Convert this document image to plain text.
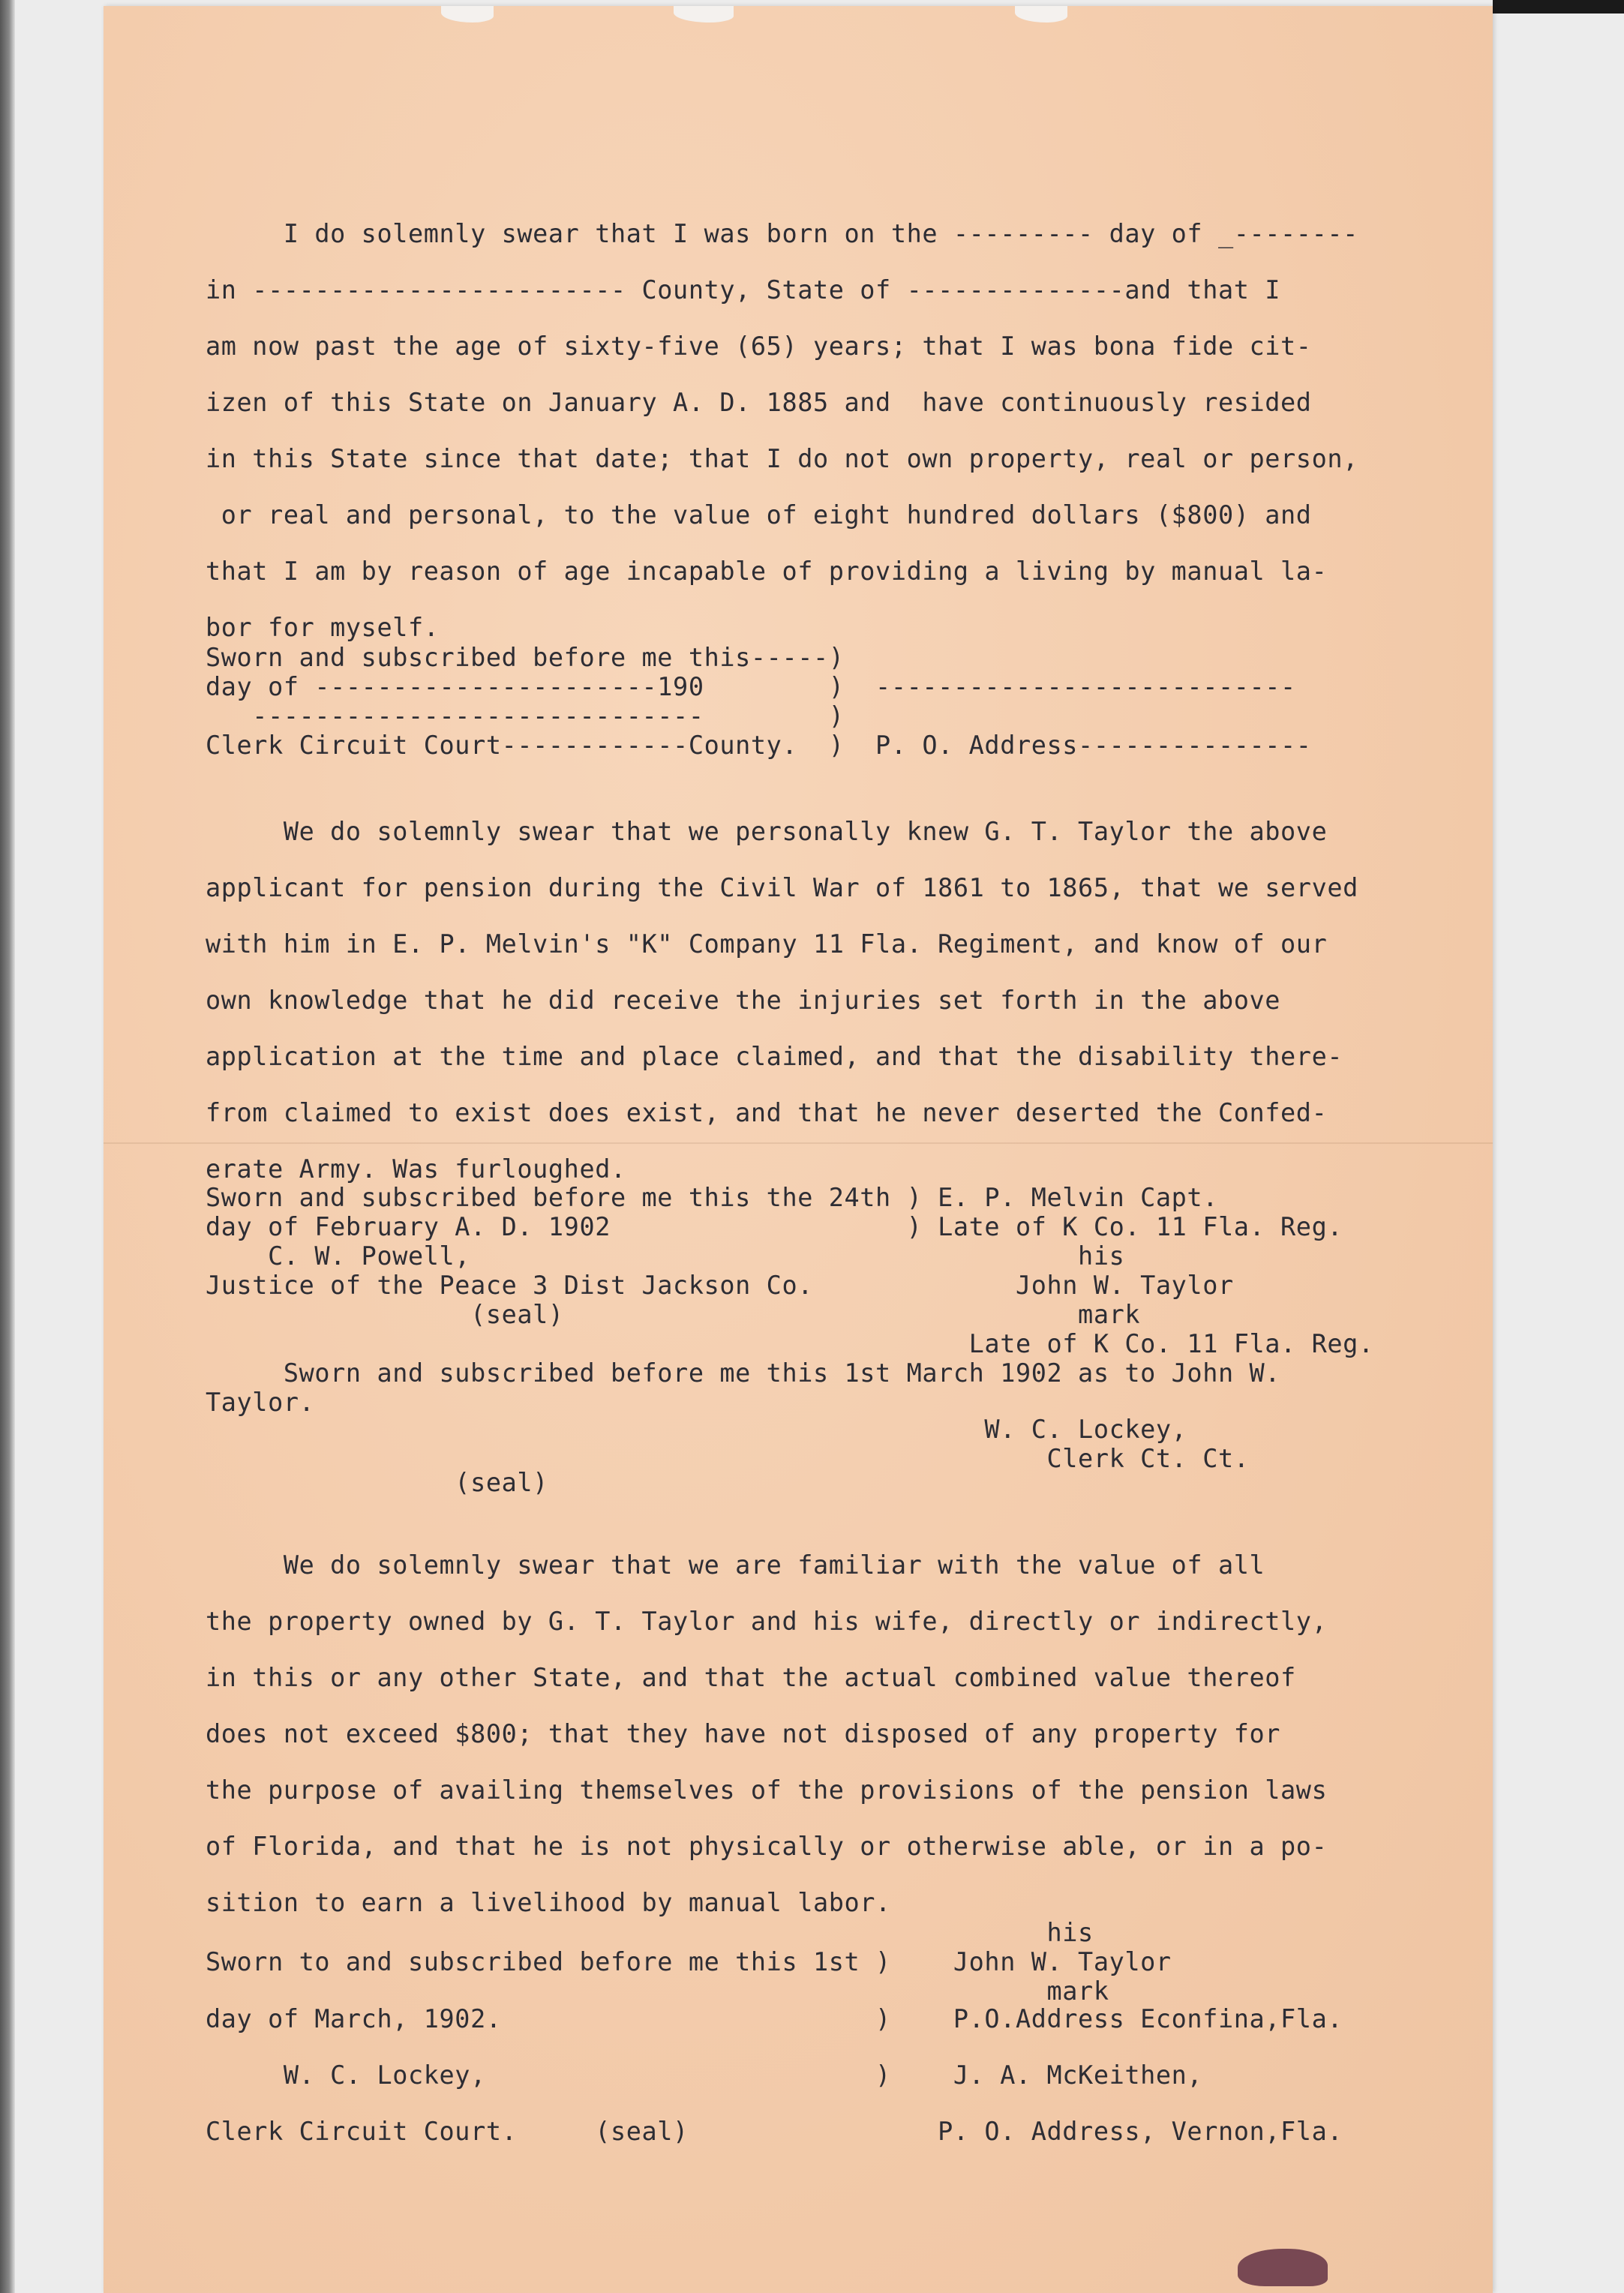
I do solemnly swear that I was born on the --------- day of _--------
in ------------------------ County, State of --------------and that I
am now past the age of sixty-five (65) years; that I was bona fide cit-
izen of this State on January A. D. 1885 and  have continuously resided
in this State since that date; that I do not own property, real or person,
or real and personal, to the value of eight hundred dollars ($800) and
that I am by reason of age incapable of providing a living by manual la-
bor for myself.
Sworn and subscribed before me this-----)
day of ----------------------190        )  ---------------------------
-----------------------------        )
Clerk Circuit Court------------County.  )  P. O. Address---------------
We do solemnly swear that we personally knew G. T. Taylor the above
applicant for pension during the Civil War of 1861 to 1865, that we served
with him in E. P. Melvin's "K" Company 11 Fla. Regiment, and know of our
own knowledge that he did receive the injuries set forth in the above
application at the time and place claimed, and that the disability there-
from claimed to exist does exist, and that he never deserted the Confed-
erate Army. Was furloughed.
Sworn and subscribed before me this the 24th ) E. P. Melvin Capt.
day of February A. D. 1902                   ) Late of K Co. 11 Fla. Reg.
C. W. Powell,                                       his
Justice of the Peace 3 Dist Jackson Co.             John W. Taylor
(seal)                                 mark
Late of K Co. 11 Fla. Reg.
Sworn and subscribed before me this 1st March 1902 as to John W.
Taylor.
W. C. Lockey,
Clerk Ct. Ct.
(seal)
We do solemnly swear that we are familiar with the value of all
the property owned by G. T. Taylor and his wife, directly or indirectly,
in this or any other State, and that the actual combined value thereof
does not exceed $800; that they have not disposed of any property for
the purpose of availing themselves of the provisions of the pension laws
of Florida, and that he is not physically or otherwise able, or in a po-
sition to earn a livelihood by manual labor.
his
Sworn to and subscribed before me this 1st )    John W. Taylor
mark
day of March, 1902.                        )    P.O.Address Econfina,Fla.
W. C. Lockey,                         )    J. A. McKeithen,
Clerk Circuit Court.     (seal)                P. O. Address, Vernon,Fla.
